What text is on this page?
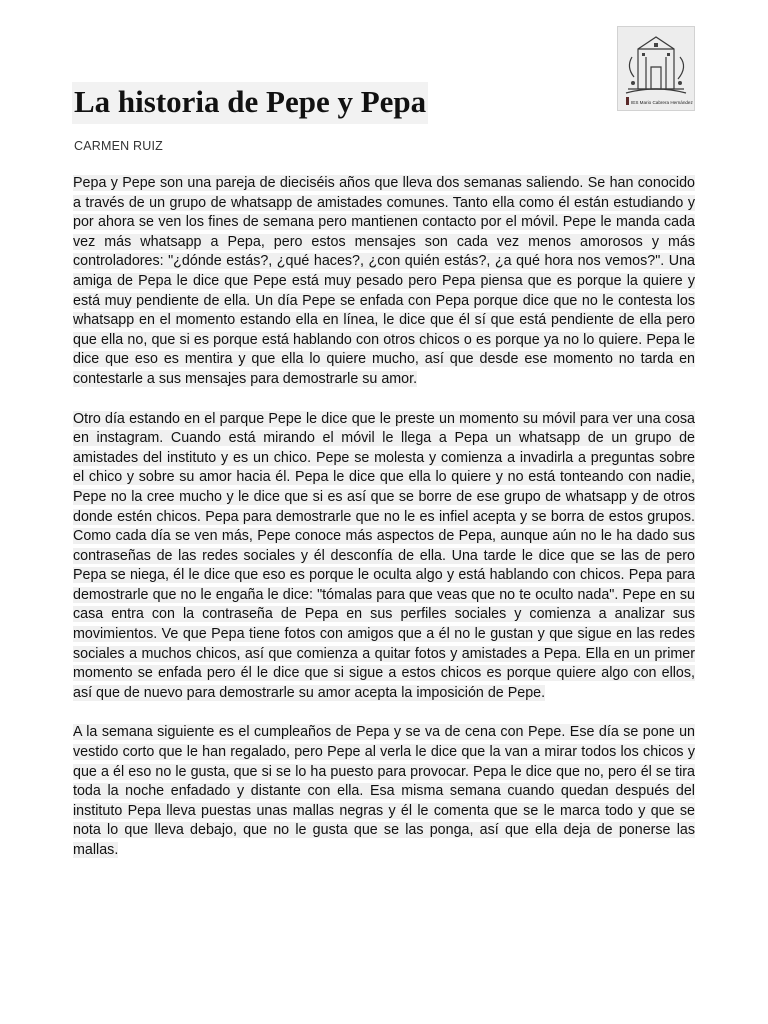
IES Mario Cabrera Hernández
La historia de Pepe y Pepa

CARMEN RUIZ

Pepa y Pepe son una pareja de dieciséis años que lleva dos semanas saliendo. Se han conocido a través de un grupo de whatsapp de amistades comunes. Tanto ella como él están estudiando y por ahora se ven los fines de semana pero mantienen contacto por el móvil. Pepe le manda cada vez más whatsapp a Pepa, pero estos mensajes son cada vez menos amorosos y más controladores: "¿dónde estás?, ¿qué haces?, ¿con quién estás?, ¿a qué hora nos vemos?". Una amiga de Pepa le dice que Pepe está muy pesado pero Pepa piensa que es porque la quiere y está muy pendiente de ella. Un día Pepe se enfada con Pepa porque dice que no le contesta los whatsapp en el momento estando ella en línea, le dice que él sí que está pendiente de ella pero que ella no, que si es porque está hablando con otros chicos o es porque ya no lo quiere. Pepa le dice que eso es mentira y que ella lo quiere mucho, así que desde ese momento no tarda en contestarle a sus mensajes para demostrarle su amor.

Otro día estando en el parque Pepe le dice que le preste un momento su móvil para ver una cosa en instagram. Cuando está mirando el móvil le llega a Pepa un whatsapp de un grupo de amistades del instituto y es un chico. Pepe se molesta y comienza a invadirla a preguntas sobre el chico y sobre su amor hacia él. Pepa le dice que ella lo quiere y no está tonteando con nadie, Pepe no la cree mucho y le dice que si es así que se borre de ese grupo de whatsapp y de otros donde estén chicos. Pepa para demostrarle que no le es infiel acepta y se borra de estos grupos. Como cada día se ven más, Pepe conoce más aspectos de Pepa, aunque aún no le ha dado sus contraseñas de las redes sociales y él desconfía de ella. Una tarde le dice que se las de pero Pepa se niega, él le dice que eso es porque le oculta algo y está hablando con chicos. Pepa para demostrarle que no le engaña le dice: "tómalas para que veas que no te oculto nada". Pepe en su casa entra con la contraseña de Pepa en sus perfiles sociales y comienza a analizar sus movimientos. Ve que Pepa tiene fotos con amigos que a él no le gustan y que sigue en las redes sociales a muchos chicos, así que comienza a quitar fotos y amistades a Pepa. Ella en un primer momento se enfada pero él le dice que si sigue a estos chicos es porque quiere algo con ellos, así que de nuevo para demostrarle su amor acepta la imposición de Pepe.

A la semana siguiente es el cumpleaños de Pepa y se va de cena con Pepe. Ese día se pone un vestido corto que le han regalado, pero Pepe al verla le dice que la van a mirar todos los chicos y que a él eso no le gusta, que si se lo ha puesto para provocar. Pepa le dice que no, pero él se tira toda la noche enfadado y distante con ella. Esa misma semana cuando quedan después del instituto Pepa lleva puestas unas mallas negras y él le comenta que se le marca todo y que se nota lo que lleva debajo, que no le gusta que se las ponga, así que ella deja de ponerse las mallas.
